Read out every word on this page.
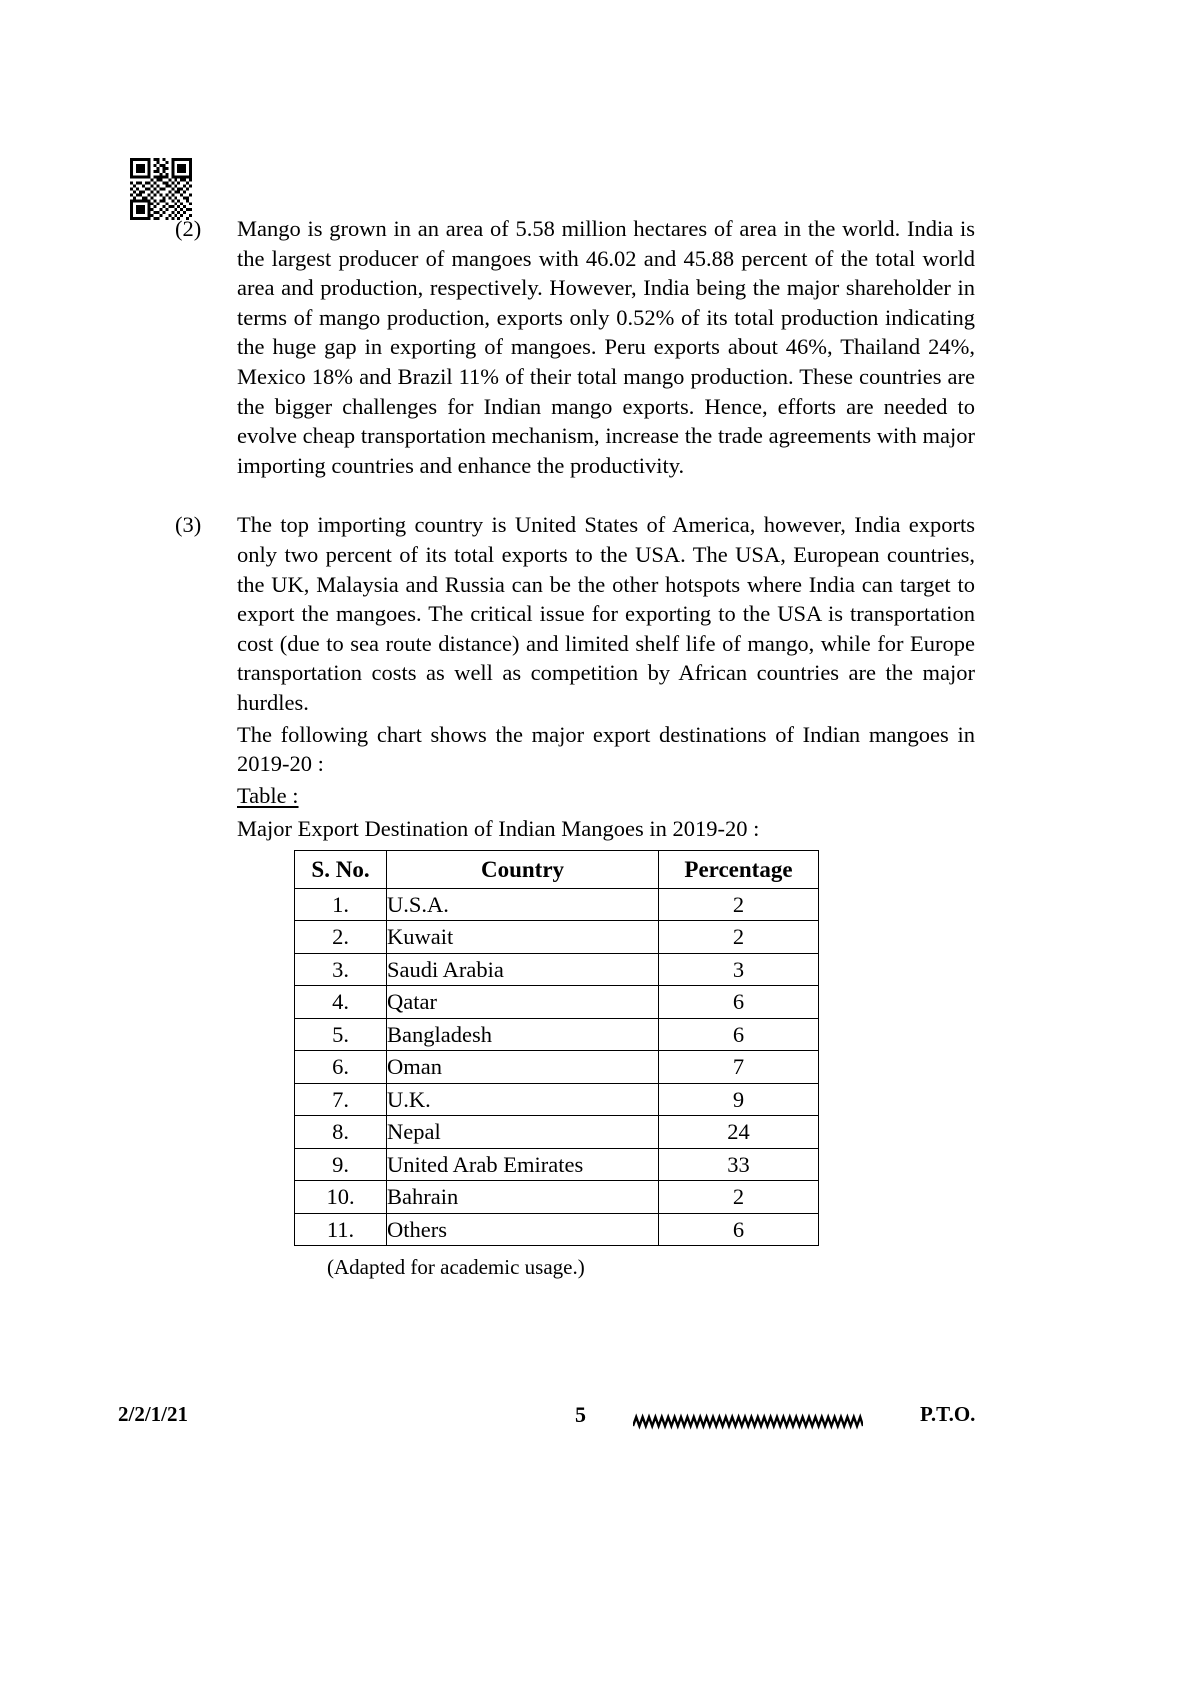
(2)	Mango is grown in an area of 5.58 million hectares of area in the world. India is the largest producer of mangoes with 46.02 and 45.88 percent of the total world area and production, respectively. However, India being the major shareholder in terms of mango production, exports only 0.52% of its total production indicating the huge gap in exporting of mangoes. Peru exports about 46%, Thailand 24%, Mexico 18% and Brazil 11% of their total mango production. These countries are the bigger challenges for Indian mango exports. Hence, efforts are needed to evolve cheap transportation mechanism, increase the trade agreements with major importing countries and enhance the productivity.
(3)	The top importing country is United States of America, however, India exports only two percent of its total exports to the USA. The USA, European countries, the UK, Malaysia and Russia can be the other hotspots where India can target to export the mangoes. The critical issue for exporting to the USA is transportation cost (due to sea route distance) and limited shelf life of mango, while for Europe transportation costs as well as competition by African countries are the major hurdles.

The following chart shows the major export destinations of Indian mangoes in 2019-20 :

Table :

Major Export Destination of Indian Mangoes in 2019-20 :
S. No.	Country	Percentage
1.	U.S.A.	2
2.	Kuwait	2
3.	Saudi Arabia	3
4.	Qatar	6
5.	Bangladesh	6
6.	Oman	7
7.	U.K.	9
8.	Nepal	24
9.	United Arab Emirates	33
10.	Bahrain	2
11.	Others	6
(Adapted for academic usage.)
2/2/1/21	5	P.T.O.
